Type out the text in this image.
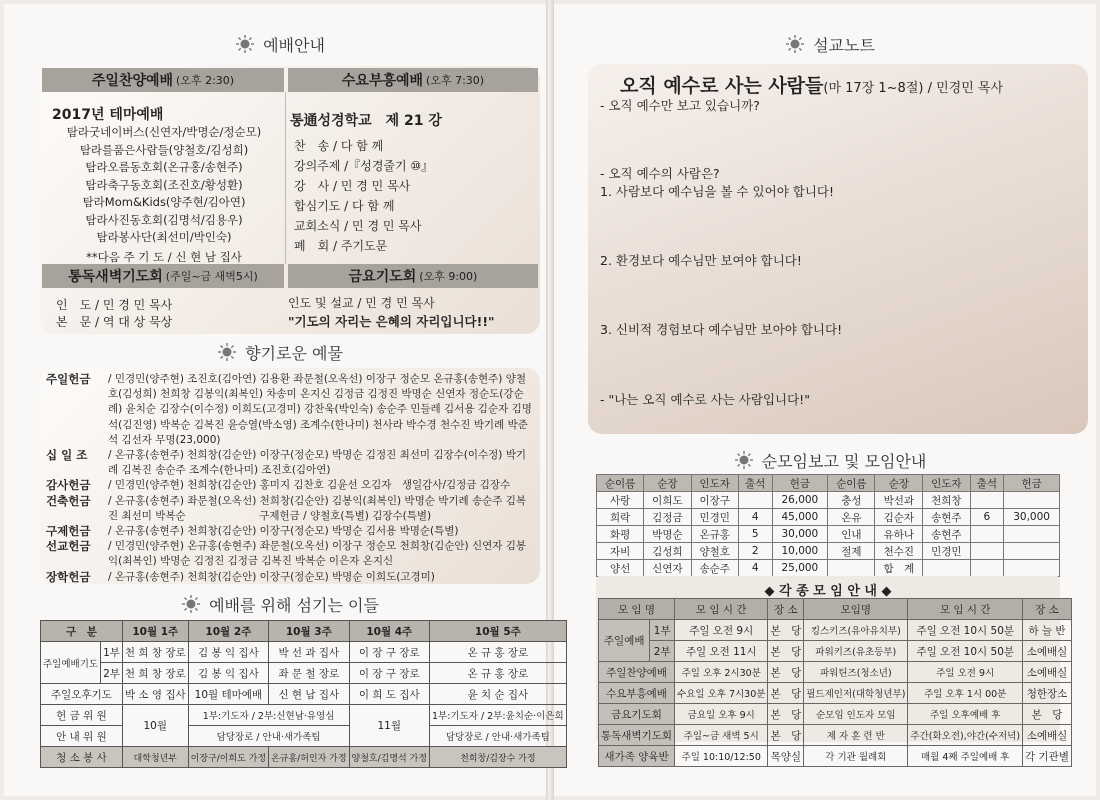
예배안내
주일찬양예배 (오후 2:30)	수요부흥예배 (오후 7:30)
2017년 테마예배
탐라굿네이버스(신연자/박명순/정순모)
탐라를품은사람들(양철호/김성희)
탐라오름동호회(온규홍/송현주)
탐라축구동호회(조진호/황성환)
탐라Mom&Kids(양주현/김아연)
탐라사진동호회(김명석/김용우)
탐라봉사단(최선미/박인숙)
**다음 주 기 도 / 신 현 남 집사
통通성경학교　제 21 강
찬　송 / 다 함 께
강의주제 /『성경줄기 ⑩』
강　사 / 민 경 민 목사
합심기도 / 다 함 께
교회소식 / 민 경 민 목사
폐　회 / 주기도문
통독새벽기도회 (주일~금 새벽5시)	금요기도회 (오후 9:00)
인　도 / 민 경 민 목사
본　문 / 역 대 상 묵상
인도 및 설교 / 민 경 민 목사
"기도의 자리는 은혜의 자리입니다!!"
향기로운 예물
주일헌금	/ 민경민(양주현) 조진호(김아연) 김용환 좌문철(오옥선) 이장구 정순모 온규홍(송현주) 양철호(김성희) 천희창 김봉익(최복인) 차송미 온지신 김정금 김정진 박명순 신연자 정순도(강순례) 윤치순 김장수(이수정) 이희도(고경미) 강찬욱(박인숙) 송순주 민들레 김서용 김순자 김명석(김진영) 박복순 김복진 윤승열(박소영) 조계수(한나미) 천사라 박수경 천수진 박기례 박준석 김선자 무명(23,000)
십 일 조	/ 온규홍(송현주) 천희창(김순안) 이장구(정순모) 박명순 김정진 최선미 김장수(이수정) 박기례 김복진 송순주 조계수(한나미) 조진호(김아연)
감사헌금	/ 민경민(양주현) 천희창(김순안) 홍미지 김찬호 김윤선 오김자　생일감사/김정금 김장수
건축헌금	/ 온규홍(송현주) 좌문철(오옥선) 천희창(김순안) 김봉익(최복인) 박명순 박기례 송순주 김복진 최선미 박복순　　　　　　　구제헌금 / 양철호(특별) 김장수(특별)
구제헌금	/ 온규홍(송현주) 천희창(김순안) 이장구(정순모) 박명순 김서용 박명순(특별)
선교헌금	/ 민경민(양주현) 온규홍(송현주) 좌문철(오옥선) 이장구 정순모 천희창(김순안) 신연자 김봉익(최복인) 박명순 김정진 김정금 김복진 박복순 이은자 온지신
장학헌금	/ 온규홍(송현주) 천희창(김순안) 이장구(정순모) 박명순 이희도(고경미)
예배를 위해 섬기는 이들
구　분		10월 1주	10월 2주	10월 3주	10월 4주	10월 5주
주일예배기도	1부	천 희 창 장로	김 봉 익 집사	박 선 과 집사	이 장 구 장로	온 규 홍 장로
	2부	천 희 창 장로	김 봉 익 집사	좌 문 철 장로	이 장 구 장로	온 규 홍 장로
주일오후기도		박 소 영 집사	10월 테마예배	신 현 남 집사	이 희 도 집사	윤 치 순 집사
헌 금 위 원		10월	1부:기도자 / 2부:신현남·유영심		11월	1부:기도자 / 2부:윤치순·이은희
안 내 위 원			담당장로 / 안내·새가족팀			담당장로 / 안내·새가족팀
청 소 봉 사		대학청년부	이장구/이희도 가정	온규홍/허인자 가정	양철호/김명석 가정	천희창/김장수 가정
설교노트
오직 예수로 사는 사람들(마 17장 1~8절) / 민경민 목사
- 오직 예수만 보고 있습니까?
- 오직 예수의 사람은?
1. 사람보다 예수님을 볼 수 있어야 합니다!
2. 환경보다 예수님만 보여야 합니다!
3. 신비적 경험보다 예수님만 보아야 합니다!
- "나는 오직 예수로 사는 사람입니다!"
순모임보고 및 모임안내
순이름	순장	인도자	출석	헌금	순이름	순장	인도자	출석	헌금
사랑	이희도	이장구		26,000	충성	박선과	천희창		
희락	김정금	민경민	4	45,000	온유	김순자	송현주	6	30,000
화평	박명순	온규홍	5	30,000	인내	유하나	송현주		
자비	김성희	양철호	2	10,000	절제	천수진	민경민		
양선	신연자	송순주	4	25,000		합　계			
◆ 각 종 모 임 안 내 ◆
모 임 명		모 임 시 간	장 소	모임명	모 임 시 간	장 소
주일예배	1부	주일 오전 9시	본　당	킹스키즈(유아유치부)	주일 오전 10시 50분	하 늘 반
	2부	주일 오전 11시	본　당	파워키즈(유초등부)	주일 오전 10시 50분	소예배실
주일찬양예배		주일 오후 2시30분	본　당	파워틴즈(청소년)	주일 오전 9시	소예배실
수요부흥예배		수요일 오후 7시30분	본　당	필드제인저(대학청년부)	주일 오후 1시 00분	청한장소
금요기도회		금요일 오후 9시	본　당	순모임 인도자 모임	주일 오후예배 후	본　당
통독새벽기도회		주일~금 새벽 5시	본　당	제 자 훈 련 반	주간(화오전),야간(수저녁)	소예배실
새가족 양육반		주일 10:10/12:50	목양실	각 기관 월례회	매월 4째 주일예배 후	각 기관별
